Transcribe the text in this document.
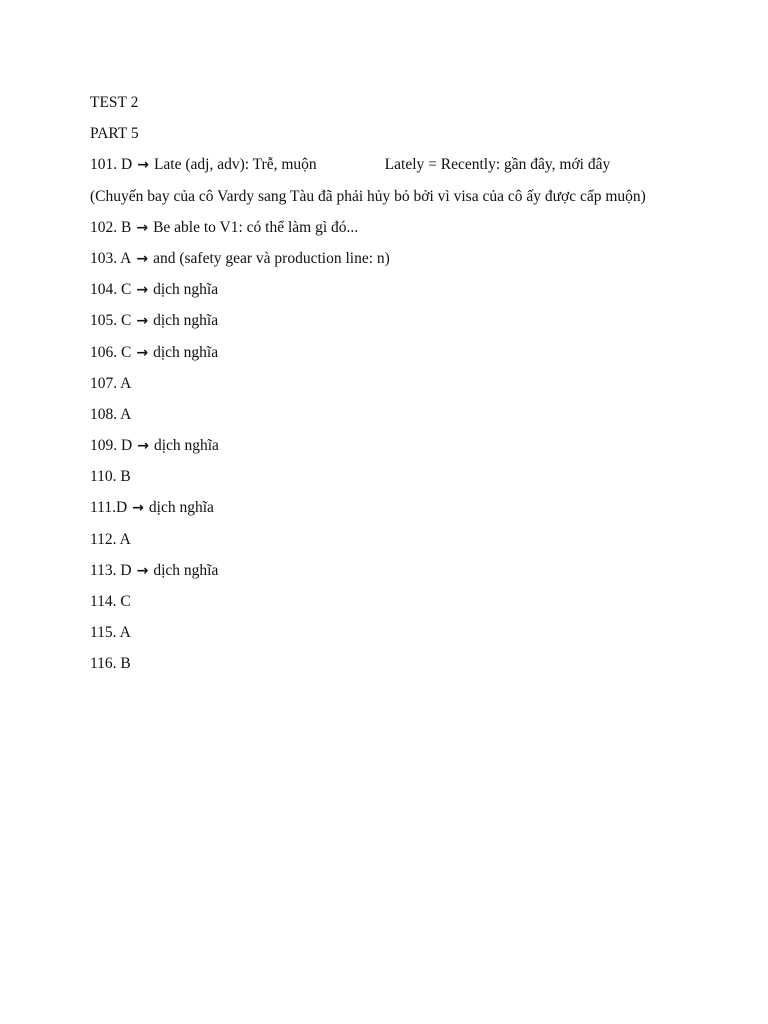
TEST 2
PART 5
101. D → Late (adj, adv): Trễ, muộn	Lately = Recently: gần đây, mới đây
(Chuyến bay của cô Vardy sang Tàu đã phải hủy bỏ bởi vì visa của cô ấy được cấp muộn)
102. B → Be able to V1: có thể làm gì đó...
103. A → and (safety gear và production line: n)
104. C → dịch nghĩa
105. C → dịch nghĩa
106. C → dịch nghĩa
107. A
108. A
109. D → dịch nghĩa
110. B
111.D → dịch nghĩa
112. A
113. D → dịch nghĩa
114. C
115. A
116. B
